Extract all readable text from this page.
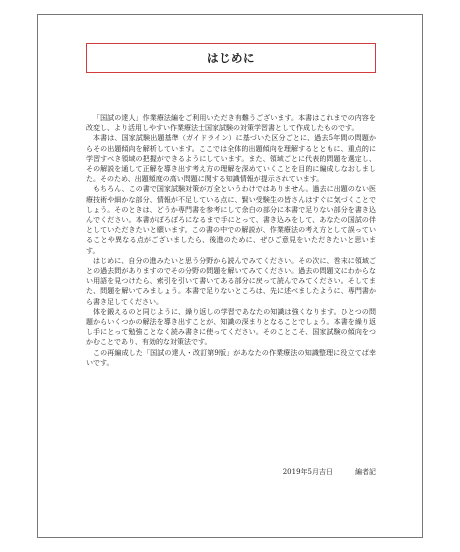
はじめに

「国試の達人」作業療法編をご利用いただき有難うございます。本書はこれまでの内容を改変し、より活用しやすい作業療法士国家試験の対策学習書として作成したものです。

本書は、国家試験出題基準（ガイドライン）に基づいた区分ごとに、過去5年間の問題からその出題傾向を解析しています。ここでは全体的出題傾向を理解するとともに、重点的に学習すべき領域の把握ができるようにしています。また、領域ごとに代表的問題を選定し、その解説を通して正解を導き出す考え方の理解を深めていくことを目的に編成しなおしました。そのため、出題頻度の高い問題に関する知識情報が提示されています。

もちろん、この書で国家試験対策が万全というわけではありません。過去に出題のない医療技術や細かな部分、情報が不足している点に、賢い受験生の皆さんはすぐに気づくことでしょう。そのときは、どうか専門書を参考にして余白の部分に本書で足りない部分を書き込んでください。本書がぼろぼろになるまで手にとって、書き込みをして、あなたの国試の伴としていただきたいと願います。この書の中での解説が、作業療法の考え方として誤っていることや異なる点がございましたら、後進のために、ぜひご意見をいただきたいと思います。

はじめに、自分の進みたいと思う分野から読んでみてください。その次に、巻末に領域ごとの過去問がありますのでその分野の問題を解いてみてください。過去の問題文にわからない用語を見つけたら、索引を引いて書いてある部分に戻って読んでみてください。そしてまた、問題を解いてみましょう。本書で足りないところは、先に述べましたように、専門書から書き足してください。

体を鍛えるのと同じように、繰り返しの学習であなたの知識は強くなります。ひとつの問題からいくつかの解法を導き出すことが、知識の深まりとなることでしょう。本書を繰り返し手にとって勉強ことなく読み書きに使ってください。そのことこそ、国家試験の傾向をつかむことであり、有効的な対策法です。

この再編成した「国試の達人・改訂第9版」があなたの作業療法の知識整理に役立てば幸いです。

2019年5月吉日	編者記
